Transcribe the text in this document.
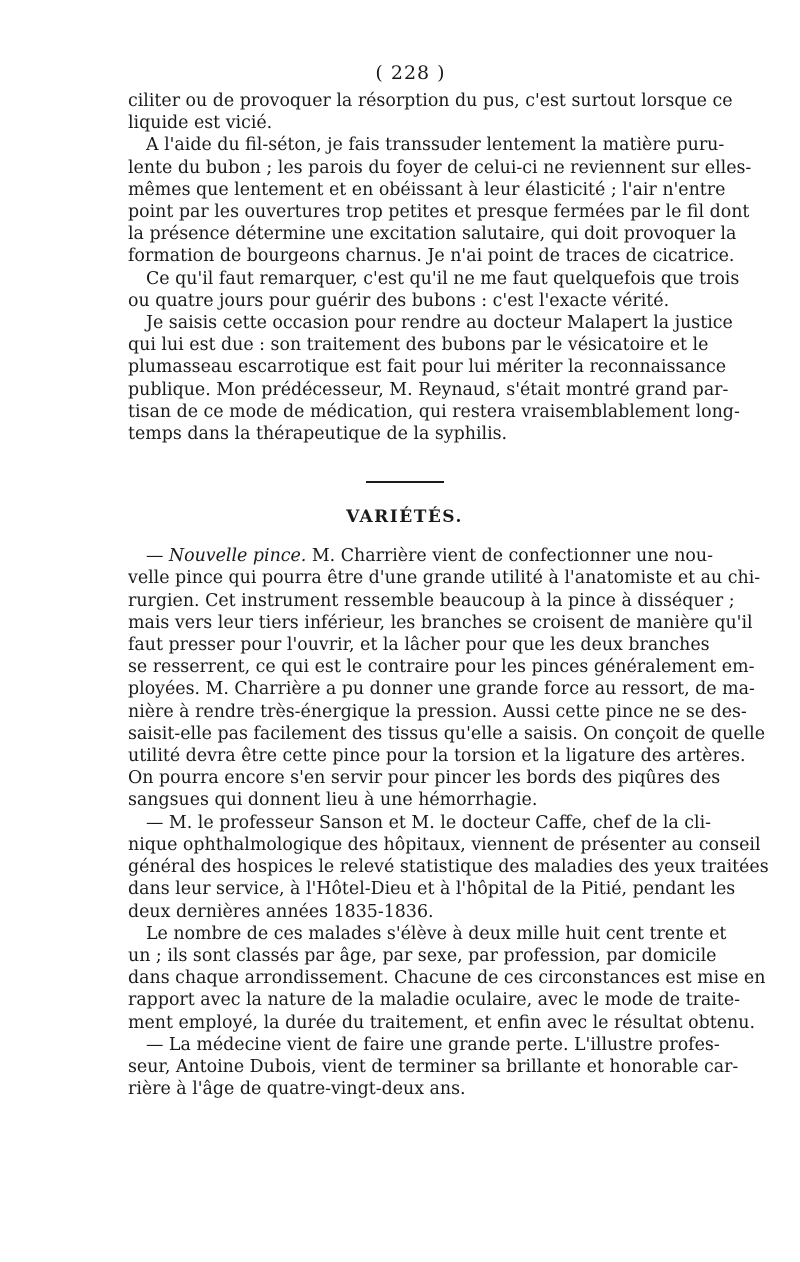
( 228 )
ciliter ou de provoquer la résorption du pus, c'est surtout lorsque ce
liquide est vicié.
A l'aide du fil-séton, je fais transsuder lentement la matière puru-
lente du bubon ; les parois du foyer de celui-ci ne reviennent sur elles-
mêmes que lentement et en obéissant à leur élasticité ; l'air n'entre
point par les ouvertures trop petites et presque fermées par le fil dont
la présence détermine une excitation salutaire, qui doit provoquer la
formation de bourgeons charnus. Je n'ai point de traces de cicatrice.
Ce qu'il faut remarquer, c'est qu'il ne me faut quelquefois que trois
ou quatre jours pour guérir des bubons : c'est l'exacte vérité.
Je saisis cette occasion pour rendre au docteur Malapert la justice
qui lui est due : son traitement des bubons par le vésicatoire et le
plumasseau escarrotique est fait pour lui mériter la reconnaissance
publique. Mon prédécesseur, M. Reynaud, s'était montré grand par-
tisan de ce mode de médication, qui restera vraisemblablement long-
temps dans la thérapeutique de la syphilis.
VARIÉTÉS.
— Nouvelle pince. M. Charrière vient de confectionner une nou-
velle pince qui pourra être d'une grande utilité à l'anatomiste et au chi-
rurgien. Cet instrument ressemble beaucoup à la pince à disséquer ;
mais vers leur tiers inférieur, les branches se croisent de manière qu'il
faut presser pour l'ouvrir, et la lâcher pour que les deux branches
se resserrent, ce qui est le contraire pour les pinces généralement em-
ployées. M. Charrière a pu donner une grande force au ressort, de ma-
nière à rendre très-énergique la pression. Aussi cette pince ne se des-
saisit-elle pas facilement des tissus qu'elle a saisis. On conçoit de quelle
utilité devra être cette pince pour la torsion et la ligature des artères.
On pourra encore s'en servir pour pincer les bords des piqûres des
sangsues qui donnent lieu à une hémorrhagie.
— M. le professeur Sanson et M. le docteur Caffe, chef de la cli-
nique ophthalmologique des hôpitaux, viennent de présenter au conseil
général des hospices le relevé statistique des maladies des yeux traitées
dans leur service, à l'Hôtel-Dieu et à l'hôpital de la Pitié, pendant les
deux dernières années 1835-1836.
Le nombre de ces malades s'élève à deux mille huit cent trente et
un ; ils sont classés par âge, par sexe, par profession, par domicile
dans chaque arrondissement. Chacune de ces circonstances est mise en
rapport avec la nature de la maladie oculaire, avec le mode de traite-
ment employé, la durée du traitement, et enfin avec le résultat obtenu.
— La médecine vient de faire une grande perte. L'illustre profes-
seur, Antoine Dubois, vient de terminer sa brillante et honorable car-
rière à l'âge de quatre-vingt-deux ans.
